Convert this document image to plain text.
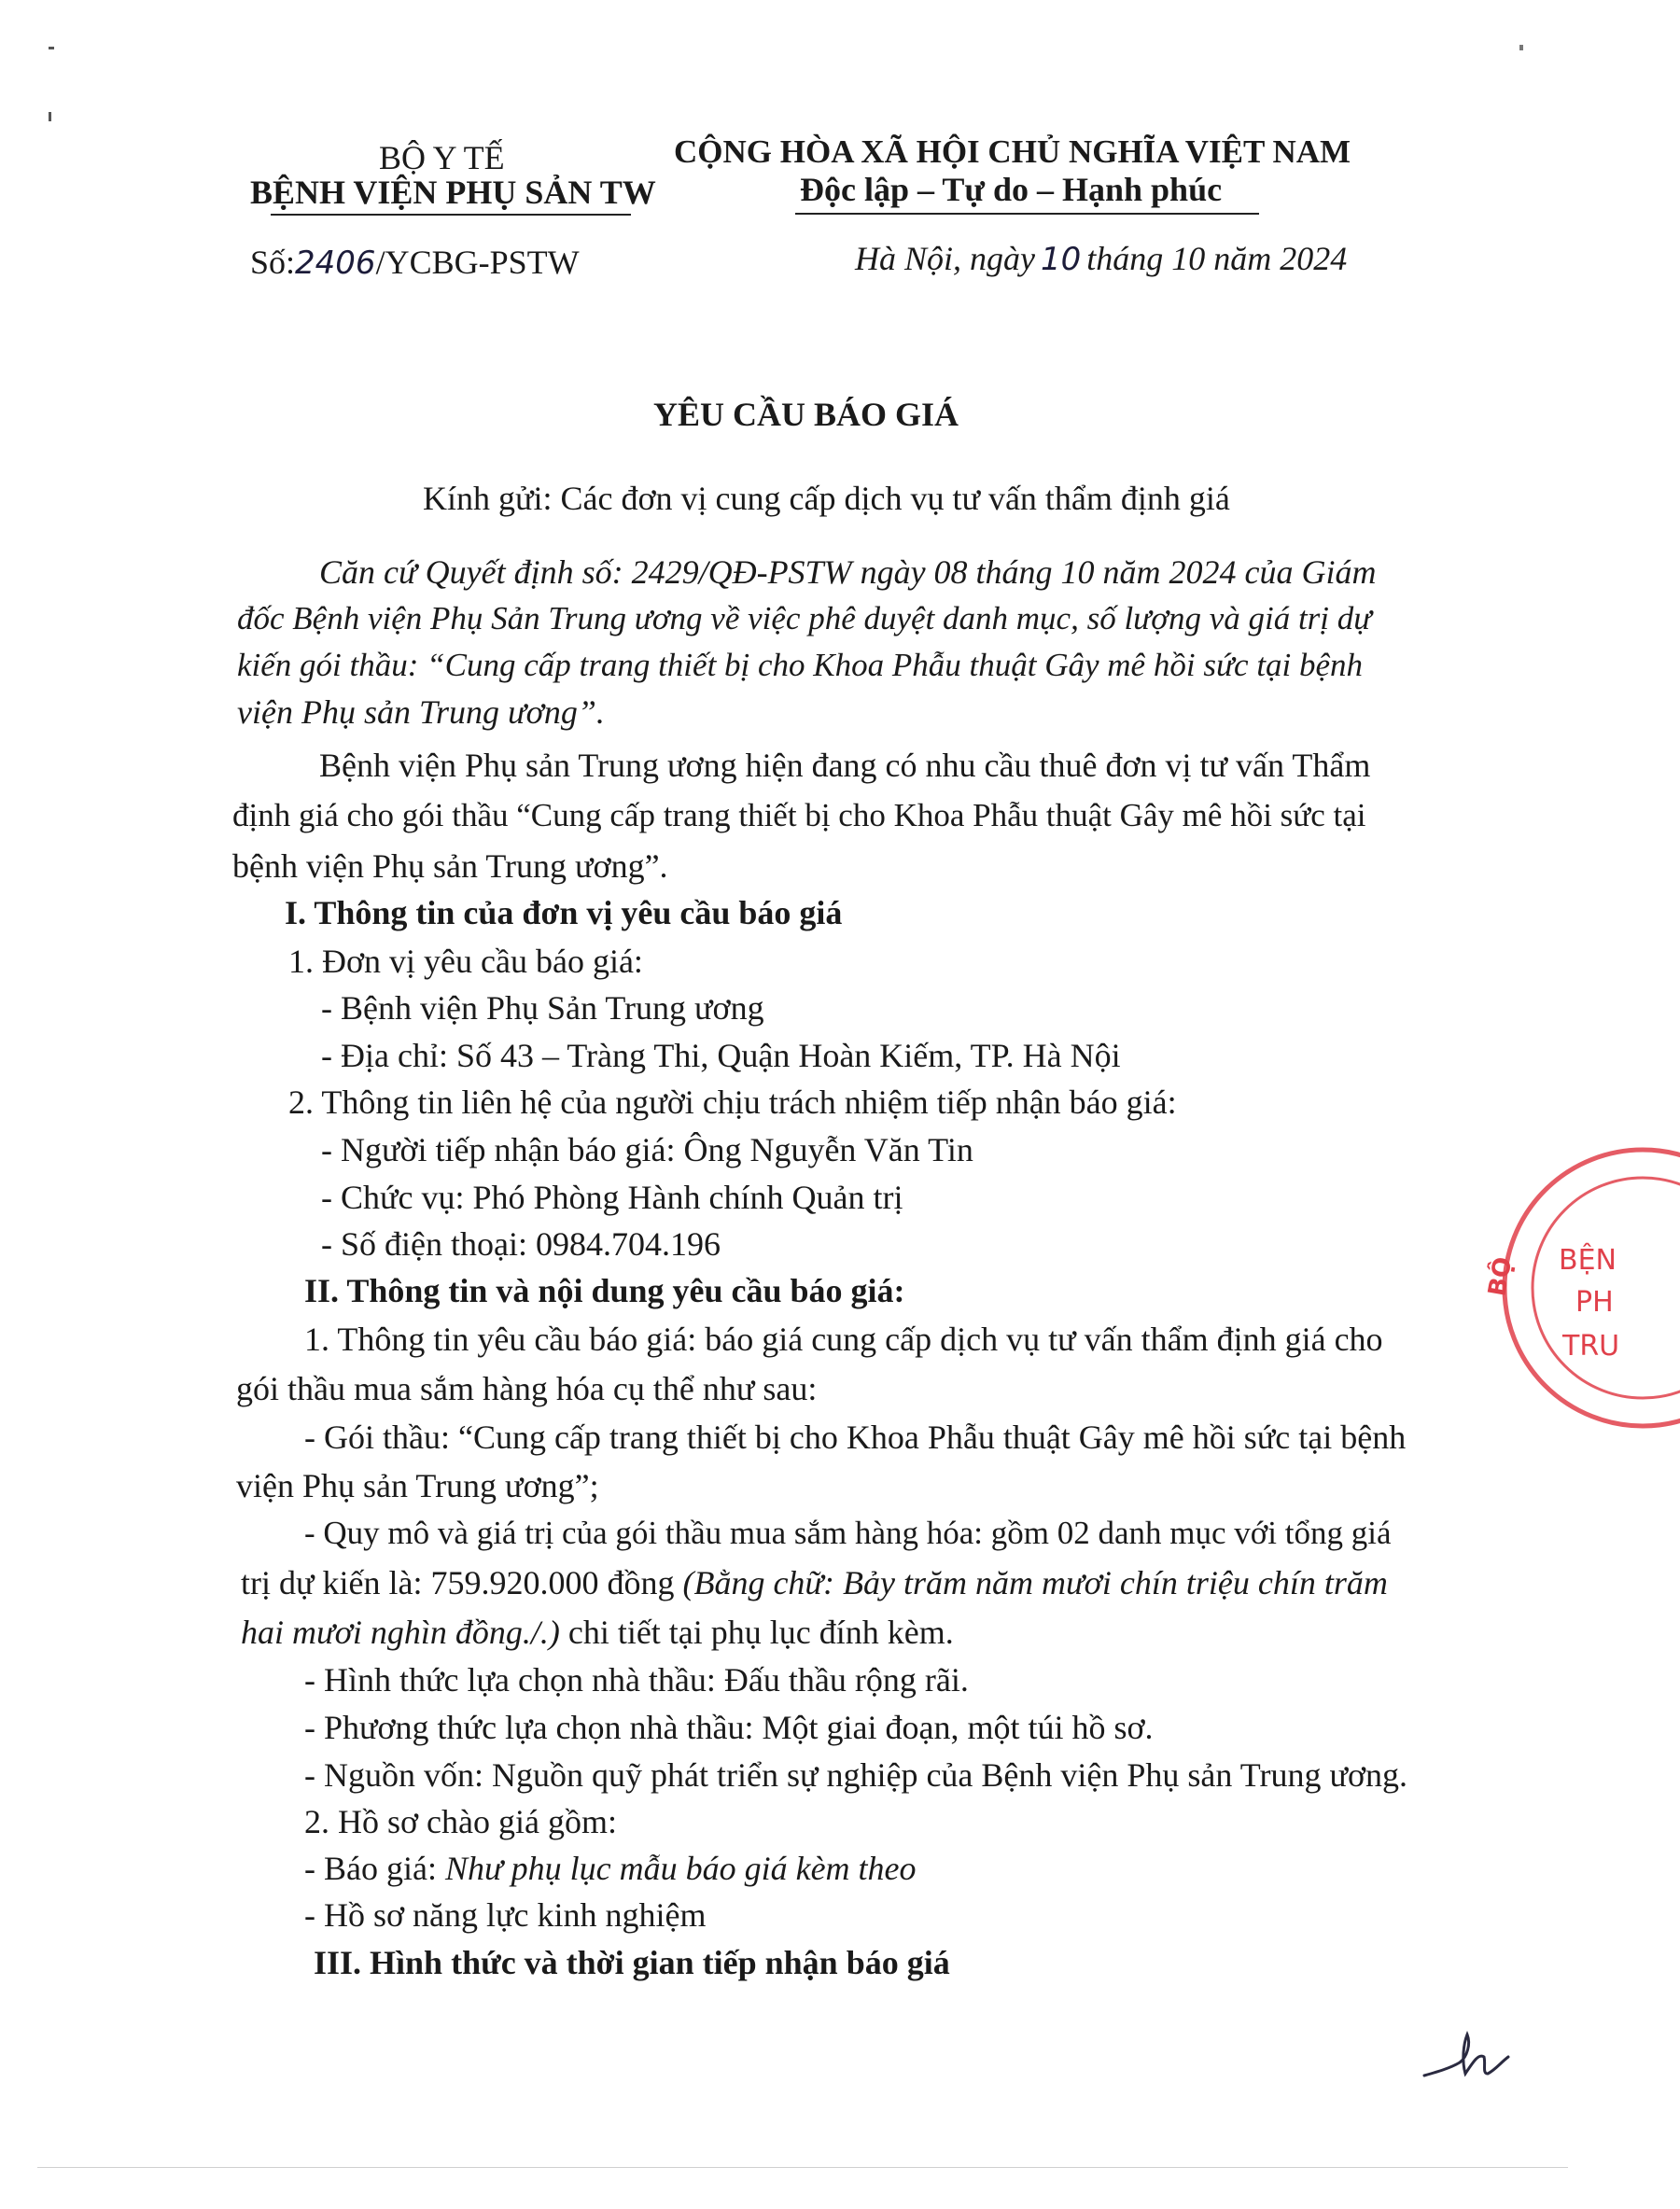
BỘ Y TẾ
BỆNH VIỆN PHỤ SẢN TW
Số:2406/YCBG-PSTW
CỘNG HÒA XÃ HỘI CHỦ NGHĨA VIỆT NAM
Độc lập – Tự do – Hạnh phúc
Hà Nội, ngày 10 tháng 10 năm 2024
YÊU CẦU BÁO GIÁ
Kính gửi: Các đơn vị cung cấp dịch vụ tư vấn thẩm định giá
Căn cứ Quyết định số: 2429/QĐ-PSTW ngày 08 tháng 10 năm 2024 của Giám
đốc Bệnh viện Phụ Sản Trung ương về việc phê duyệt danh mục, số lượng và giá trị dự
kiến gói thầu: “Cung cấp trang thiết bị cho Khoa Phẫu thuật Gây mê hồi sức tại bệnh
viện Phụ sản Trung ương”.
Bệnh viện Phụ sản Trung ương hiện đang có nhu cầu thuê đơn vị tư vấn Thẩm
định giá cho gói thầu “Cung cấp trang thiết bị cho Khoa Phẫu thuật Gây mê hồi sức tại
bệnh viện Phụ sản Trung ương”.
I. Thông tin của đơn vị yêu cầu báo giá
1. Đơn vị yêu cầu báo giá:
- Bệnh viện Phụ Sản Trung ương
- Địa chỉ: Số 43 – Tràng Thi, Quận Hoàn Kiếm, TP. Hà Nội
2. Thông tin liên hệ của người chịu trách nhiệm tiếp nhận báo giá:
- Người tiếp nhận báo giá: Ông Nguyễn Văn Tin
- Chức vụ: Phó Phòng Hành chính Quản trị
- Số điện thoại: 0984.704.196
II. Thông tin và nội dung yêu cầu báo giá:
1. Thông tin yêu cầu báo giá: báo giá cung cấp dịch vụ tư vấn thẩm định giá cho
gói thầu mua sắm hàng hóa cụ thể như sau:
- Gói thầu: “Cung cấp trang thiết bị cho Khoa Phẫu thuật Gây mê hồi sức tại bệnh
viện Phụ sản Trung ương”;
- Quy mô và giá trị của gói thầu mua sắm hàng hóa: gồm 02 danh mục với tổng giá
trị dự kiến là: 759.920.000 đồng (Bằng chữ: Bảy trăm năm mươi chín triệu chín trăm
hai mươi nghìn đồng./.) chi tiết tại phụ lục đính kèm.
- Hình thức lựa chọn nhà thầu: Đấu thầu rộng rãi.
- Phương thức lựa chọn nhà thầu: Một giai đoạn, một túi hồ sơ.
- Nguồn vốn: Nguồn quỹ phát triển sự nghiệp của Bệnh viện Phụ sản Trung ương.
2. Hồ sơ chào giá gồm:
- Báo giá: Như phụ lục mẫu báo giá kèm theo
- Hồ sơ năng lực kinh nghiệm
III. Hình thức và thời gian tiếp nhận báo giá
BỘ BỆN
PH
TRU
